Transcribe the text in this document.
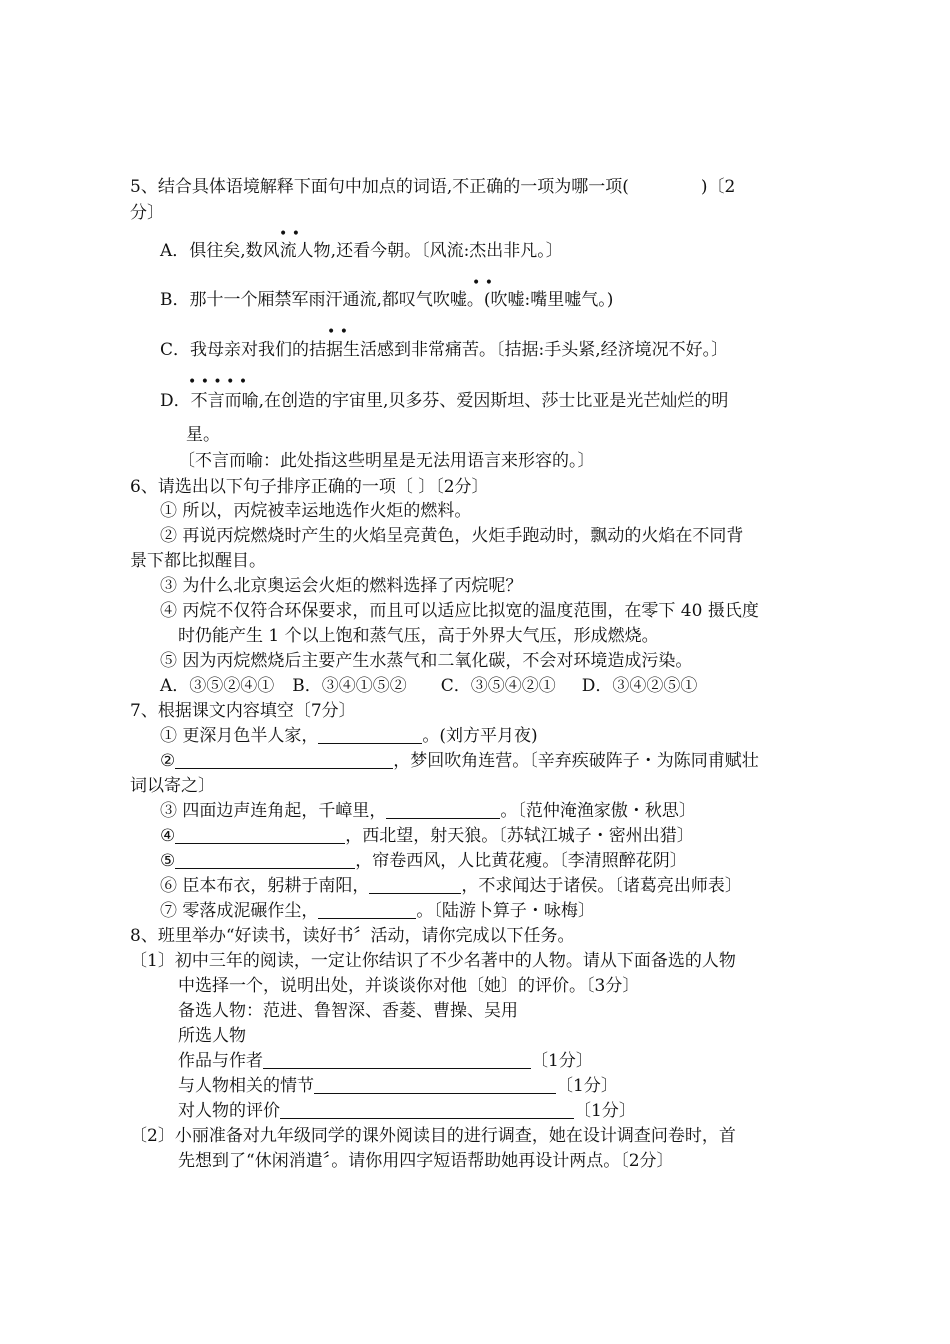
5、结合具体语境解释下面句中加点的词语,不正确的一项为哪一项(	)〔2
分〕
• •
A．俱往矣,数风流人物,还看今朝。〔风流:杰出非凡。〕
• •
B．那十一个厢禁军雨汗通流,都叹气吹嘘。(吹嘘:嘴里嘘气。)
• •
C．我母亲对我们的拮据生活感到非常痛苦。〔拮据:手头紧,经济境况不好。〕
• • • • •
D．不言而喻,在创造的宇宙里,贝多芬、爱因斯坦、莎士比亚是光芒灿烂的明
星。
〔不言而喻：此处指这些明星是无法用语言来形容的。〕
6、请选出以下句子排序正确的一项〔 〕〔2分〕
① 所以，丙烷被幸运地选作火炬的燃料。
② 再说丙烷燃烧时产生的火焰呈亮黄色，火炬手跑动时，飘动的火焰在不同背
景下都比拟醒目。
③ 为什么北京奥运会火炬的燃料选择了丙烷呢？
④ 丙烷不仅符合环保要求，而且可以适应比拟宽的温度范围，在零下 40 摄氏度
时仍能产生 1 个以上饱和蒸气压，高于外界大气压，形成燃烧。
⑤ 因为丙烷燃烧后主要产生水蒸气和二氧化碳，不会对环境造成污染。
A．③⑤②④① B．③④①⑤② C．③⑤④②① D．③④②⑤①
7、根据课文内容填空〔7分〕
① 更深月色半人家，	。(刘方平月夜)
②	，梦回吹角连营。〔辛弃疾破阵子・为陈同甫赋壮
词以寄之〕
③ 四面边声连角起，千嶂里，	。〔范仲淹渔家傲・秋思〕
④	，西北望，射天狼。〔苏轼江城子・密州出猎〕
⑤	，帘卷西风，人比黄花瘦。〔李清照醉花阴〕
⑥ 臣本布衣，躬耕于南阳，	，不求闻达于诸侯。〔诸葛亮出师表〕
⑦ 零落成泥碾作尘，	。〔陆游卜算子・咏梅〕
8、班里举办“好读书，读好书〞活动，请你完成以下任务。
〔1〕初中三年的阅读，一定让你结识了不少名著中的人物。请从下面备选的人物
中选择一个，说明出处，并谈谈你对他〔她〕的评价。〔3分〕
备选人物：范进、鲁智深、香菱、曹操、吴用
所选人物
作品与作者	〔1分〕
与人物相关的情节	〔1分〕
对人物的评价	〔1分〕
〔2〕小丽准备对九年级同学的课外阅读目的进行调查，她在设计调查问卷时，首
先想到了“休闲消遣〞。请你用四字短语帮助她再设计两点。〔2分〕
